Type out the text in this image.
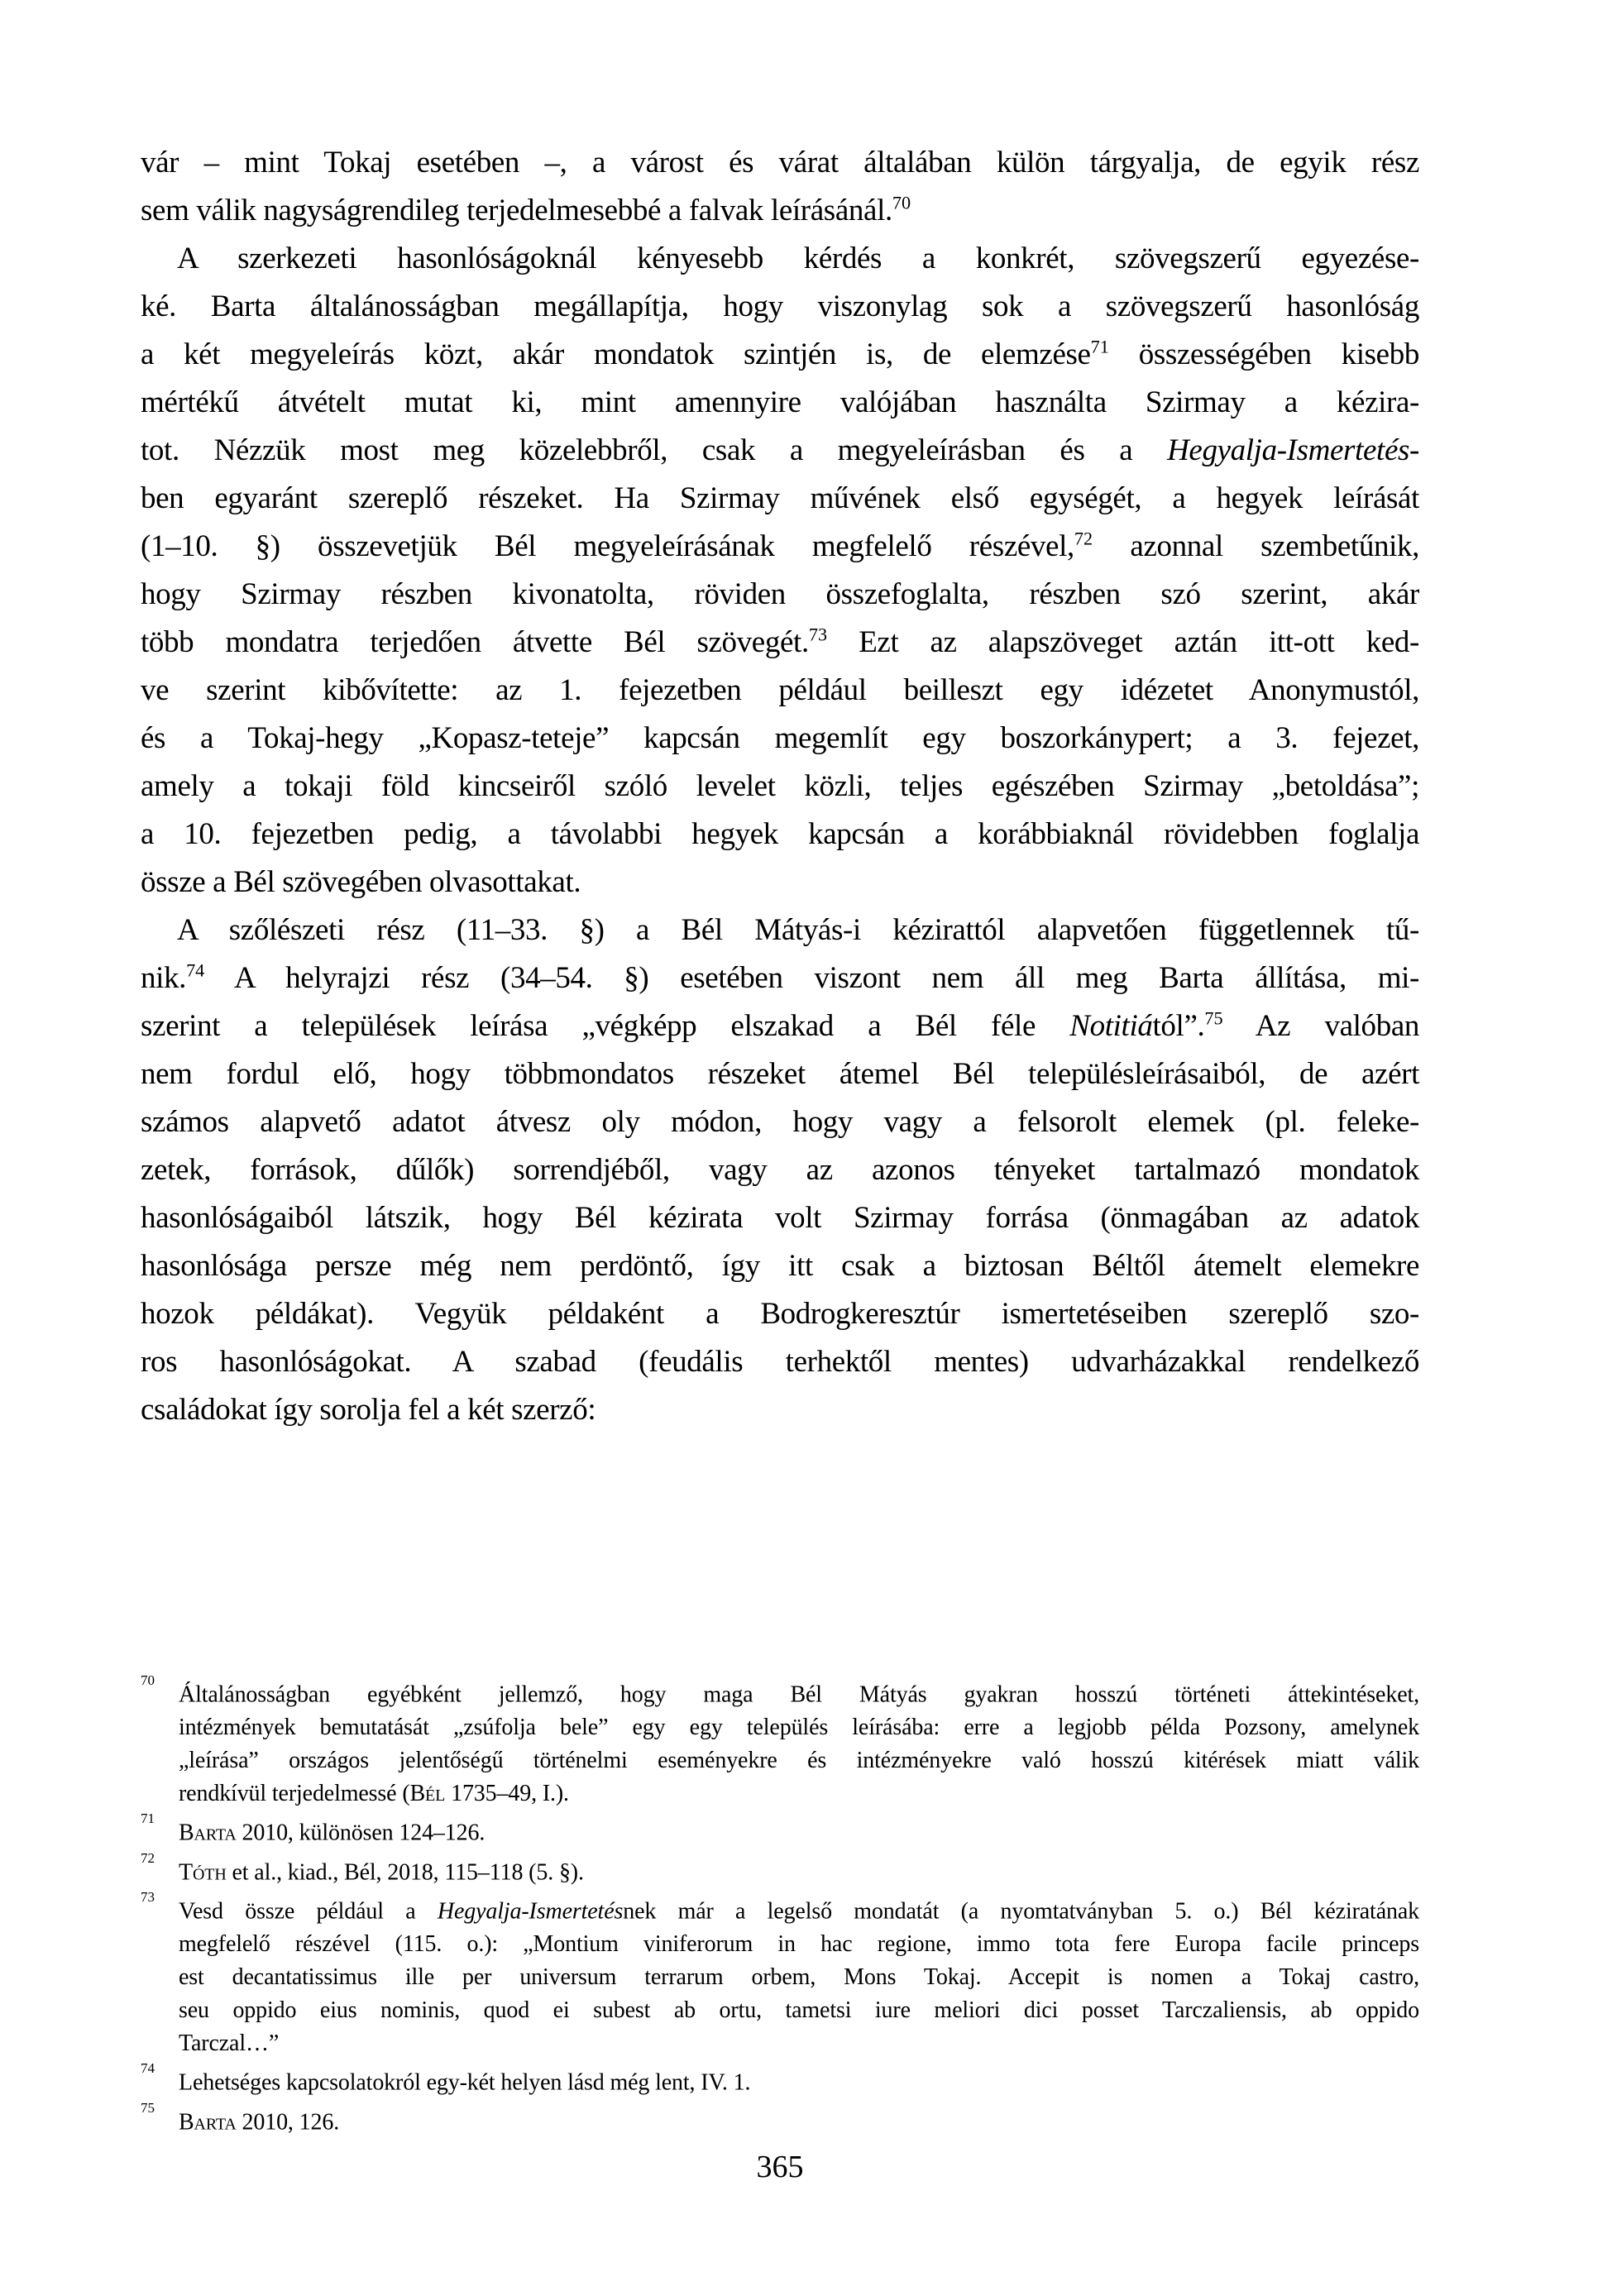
vár – mint Tokaj esetében –, a várost és várat általában külön tárgyalja, de egyik rész
sem válik nagyságrendileg terjedelmesebbé a falvak leírásánál.$^{70}$
A szerkezeti hasonlóságoknál kényesebb kérdés a konkrét, szövegszerű egyezése-
ké. Barta általánosságban megállapítja, hogy viszonylag sok a szövegszerű hasonlóság
a két megyeleírás közt, akár mondatok szintjén is, de elemzése$^{71}$ összességében kisebb
mértékű átvételt mutat ki, mint amennyire valójában használta Szirmay a kézira-
tot. Nézzük most meg közelebbről, csak a megyeleírásban és a Hegyalja-Ismertetés-
ben egyaránt szereplő részeket. Ha Szirmay művének első egységét, a hegyek leírását
(1–10. §) összevetjük Bél megyeleírásának megfelelő részével,$^{72}$ azonnal szembetűnik,
hogy Szirmay részben kivonatolta, röviden összefoglalta, részben szó szerint, akár
több mondatra terjedően átvette Bél szövegét.$^{73}$ Ezt az alapszöveget aztán itt-ott ked-
ve szerint kibővítette: az 1. fejezetben például beilleszt egy idézetet Anonymustól,
és a Tokaj-hegy „Kopasz-teteje” kapcsán megemlít egy boszorkánypert; a 3. fejezet,
amely a tokaji föld kincseiről szóló levelet közli, teljes egészében Szirmay „betoldása”;
a 10. fejezetben pedig, a távolabbi hegyek kapcsán a korábbiaknál rövidebben foglalja
össze a Bél szövegében olvasottakat.
A szőlészeti rész (11–33. §) a Bél Mátyás-i kézirattól alapvetően függetlennek tű-
nik.$^{74}$ A helyrajzi rész (34–54. §) esetében viszont nem áll meg Barta állítása, mi-
szerint a települések leírása „végképp elszakad a Bél féle Notitiától”.$^{75}$ Az valóban
nem fordul elő, hogy többmondatos részeket átemel Bél településleírásaiból, de azért
számos alapvető adatot átvesz oly módon, hogy vagy a felsorolt elemek (pl. feleke-
zetek, források, dűlők) sorrendjéből, vagy az azonos tényeket tartalmazó mondatok
hasonlóságaiból látszik, hogy Bél kézirata volt Szirmay forrása (önmagában az adatok
hasonlósága persze még nem perdöntő, így itt csak a biztosan Béltől átemelt elemekre
hozok példákat). Vegyük példaként a Bodrogkeresztúr ismertetéseiben szereplő szo-
ros hasonlóságokat. A szabad (feudális terhektől mentes) udvarházakkal rendelkező
családokat így sorolja fel a két szerző:
$^{70}$Általánosságban egyébként jellemző, hogy maga Bél Mátyás gyakran hosszú történeti áttekintéseket,
intézmények bemutatását „zsúfolja bele” egy egy település leírásába: erre a legjobb példa Pozsony, amelynek
„leírása” országos jelentőségű történelmi eseményekre és intézményekre való hosszú kitérések miatt válik
rendkívül terjedelmessé (Bél 1735–49, I.).
$^{71}$Barta 2010, különösen 124–126.
$^{72}$Tóth et al., kiad., Bél, 2018, 115–118 (5. §).
$^{73}$Vesd össze például a Hegyalja-Ismertetésnek már a legelső mondatát (a nyomtatványban 5. o.) Bél kéziratának
megfelelő részével (115. o.): „Montium viniferorum in hac regione, immo tota fere Europa facile princeps
est decantatissimus ille per universum terrarum orbem, Mons Tokaj. Accepit is nomen a Tokaj castro,
seu oppido eius nominis, quod ei subest ab ortu, tametsi iure meliori dici posset Tarczaliensis, ab oppido
Tarczal…”
$^{74}$Lehetséges kapcsolatokról egy-két helyen lásd még lent, IV. 1.
$^{75}$Barta 2010, 126.
365
